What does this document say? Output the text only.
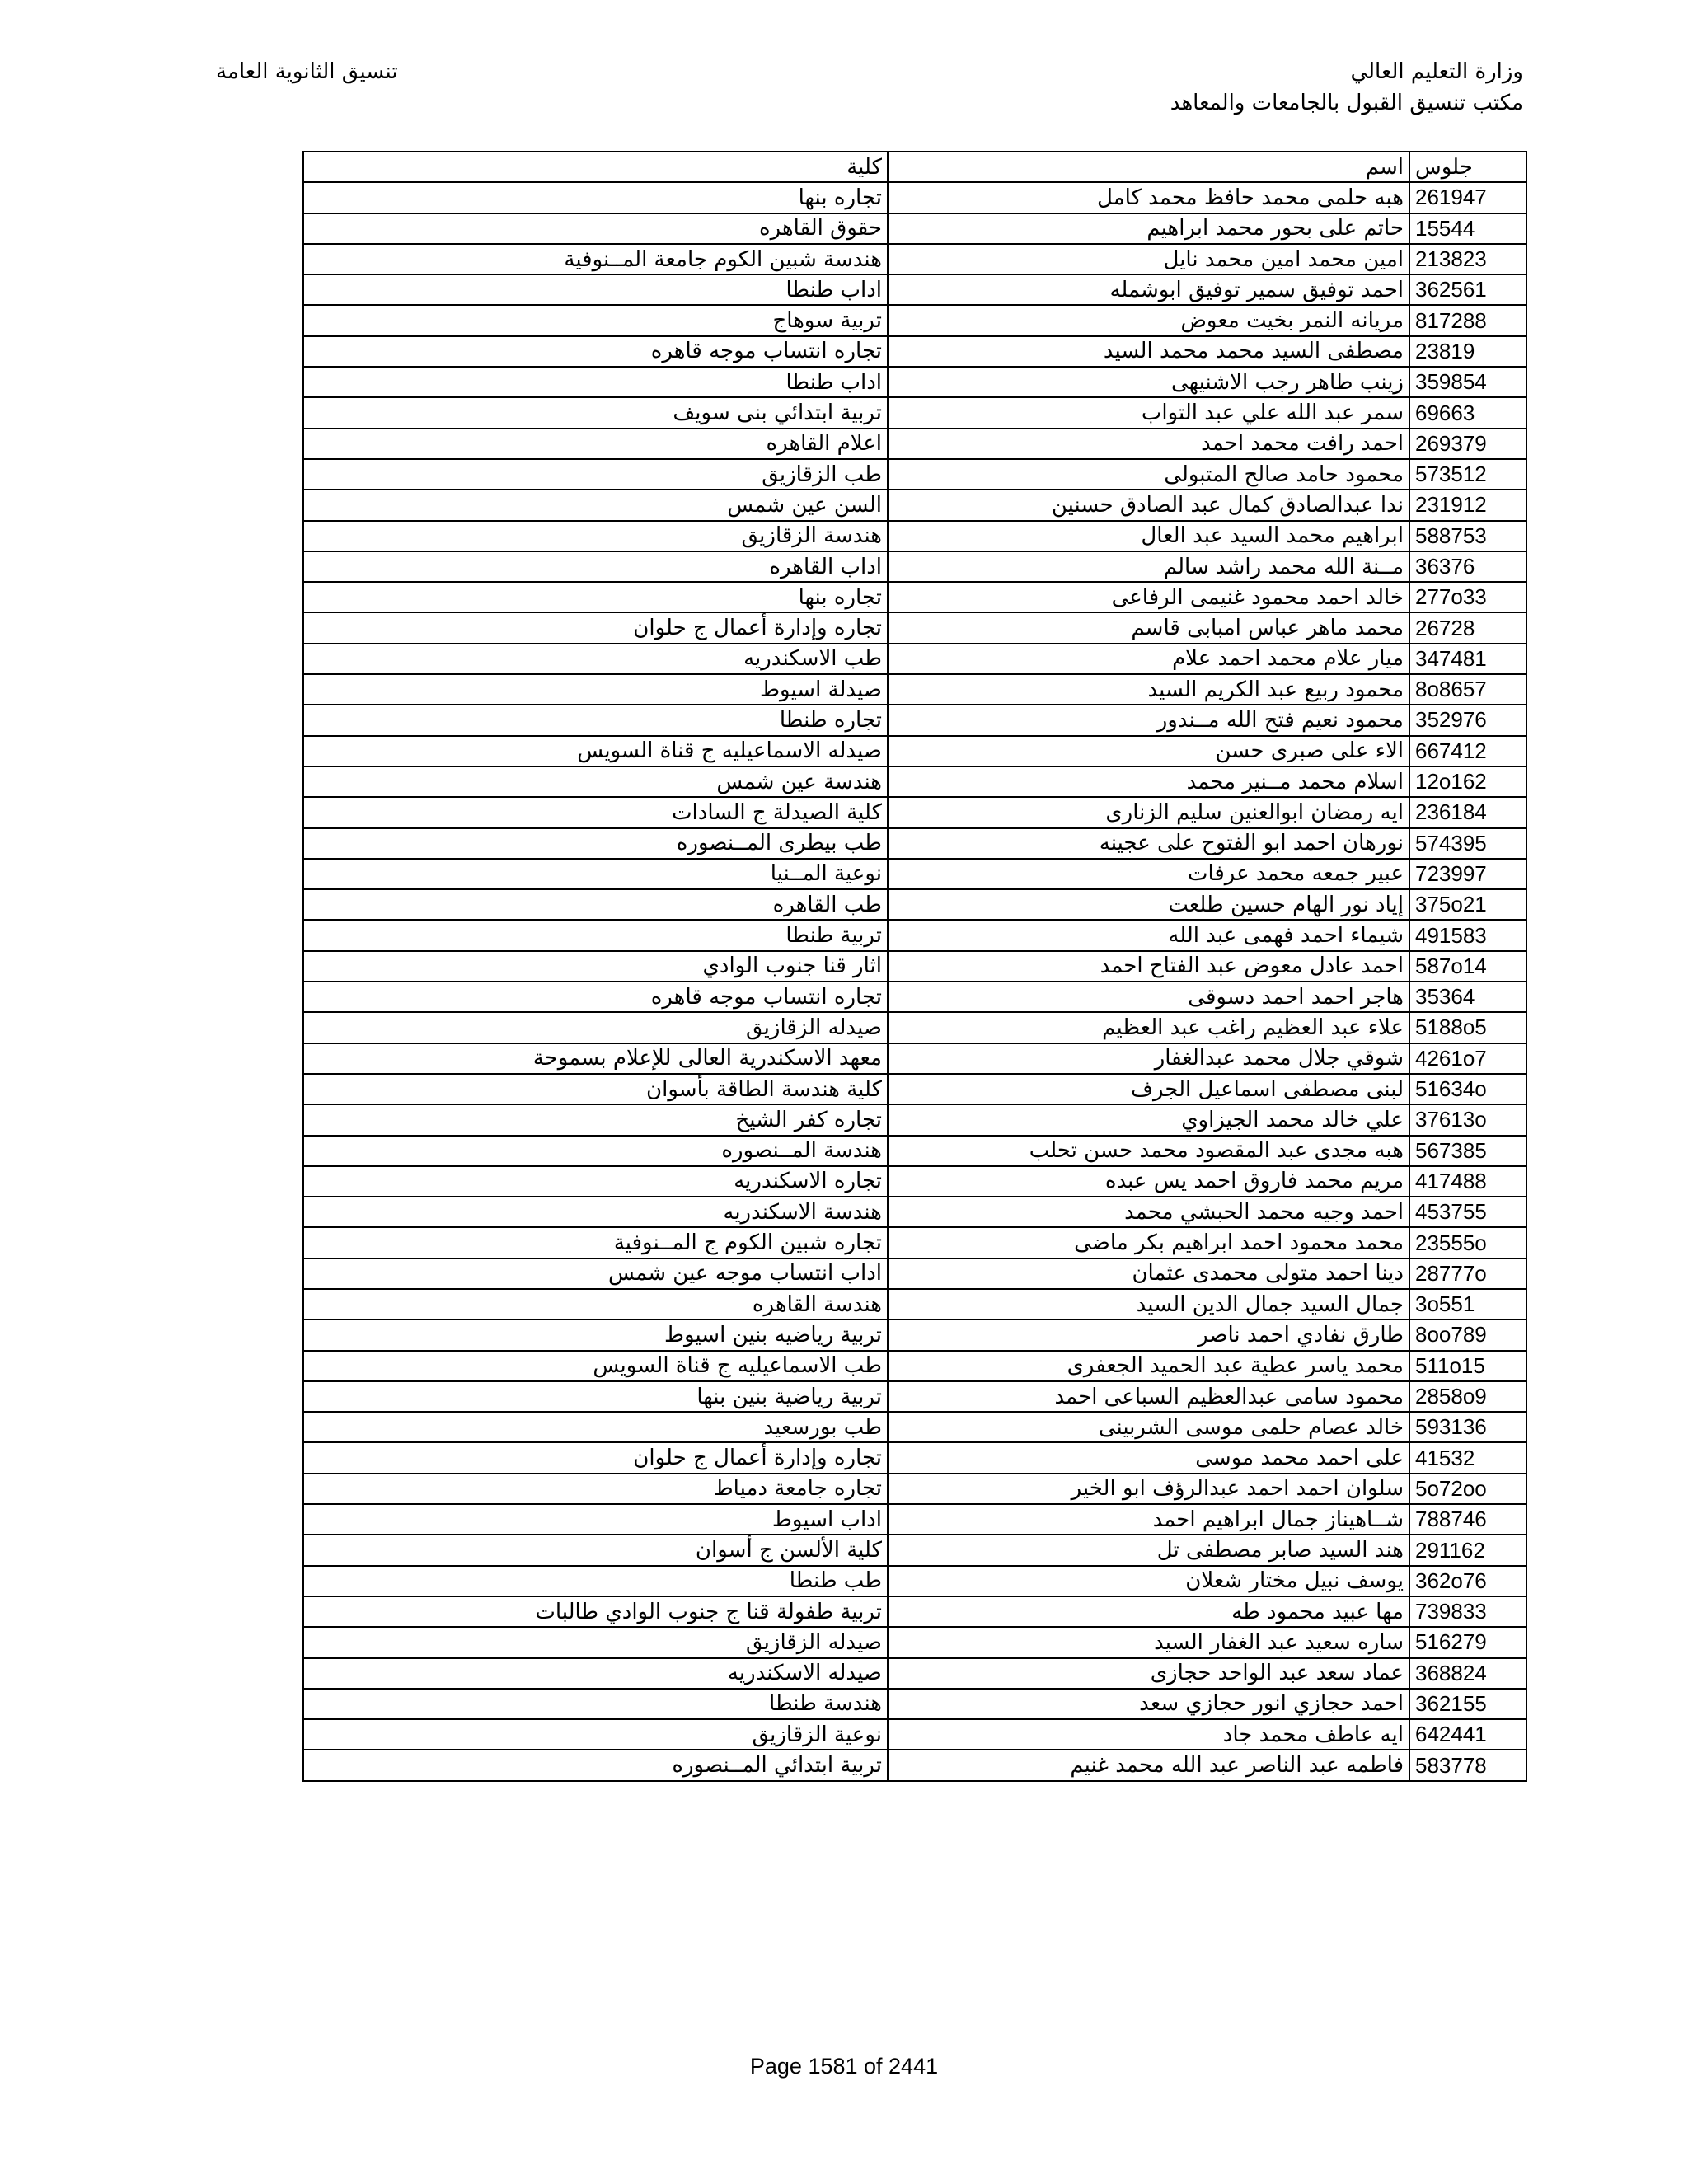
وزارة التعليم العالي
مكتب تنسيق القبول بالجامعات والمعاهد
تنسيق الثانوية العامة
جلوس	اسم	كلية
261947	هبه حلمى محمد حافظ محمد كامل	تجاره بنها
15544	حاتم على بحور محمد ابراهيم	حقوق القاهره
213823	امين محمد امين محمد نايل	هندسة شبين الكوم جامعة المــنوفية
362561	احمد توفيق سمير توفيق ابوشمله	اداب طنطا
817288	مريانه النمر بخيت معوض	تربية سوهاج
23819	مصطفى السيد محمد محمد السيد	تجاره انتساب موجه قاهره
359854	زينب طاهر رجب الاشنيهى	اداب طنطا
69663	سمر عبد الله علي عبد التواب	تربية ابتدائي بنى سويف
269379	احمد رافت محمد احمد	اعلام القاهره
573512	محمود حامد صالح المتبولى	طب الزقازيق
231912	ندا عبدالصادق كمال عبد الصادق حسنين	السن عين شمس
588753	ابراهيم محمد السيد عبد العال	هندسة الزقازيق
36376	مــنة الله محمد راشد سالم	اداب القاهره
277o33	خالد احمد محمود غنيمى الرفاعى	تجاره بنها
26728	محمد ماهر عباس امبابى قاسم	تجاره وإدارة أعمال ج حلوان
347481	ميار علام محمد احمد علام	طب الاسكندريه
8o8657	محمود ربيع عبد الكريم السيد	صيدلة اسيوط
352976	محمود نعيم فتح الله مــندور	تجاره طنطا
667412	الاء على صبرى حسن	صيدله الاسماعيليه ج قناة السويس
12o162	اسلام محمد مــنير محمد	هندسة عين شمس
236184	ايه رمضان ابوالعنين سليم الزنارى	كلية الصيدلة ج السادات
574395	نورهان احمد ابو الفتوح على عجينه	طب بيطرى المــنصوره
723997	عبير جمعه محمد عرفات	نوعية المــنيا
375o21	إياد نور الهام حسين طلعت	طب القاهره
491583	شيماء احمد فهمى عبد الله	تربية طنطا
587o14	احمد عادل معوض عبد الفتاح احمد	اثار قنا جنوب الوادي
35364	هاجر احمد احمد دسوقى	تجاره انتساب موجه قاهره
5188o5	علاء عبد العظيم راغب عبد العظيم	صيدله الزقازيق
4261o7	شوقي جلال محمد عبدالغفار	معهد الاسكندرية العالى للإعلام بسموحة
51634o	لبنى مصطفى اسماعيل الجرف	كلية هندسة الطاقة بأسوان
37613o	علي خالد محمد الجيزاوي	تجاره كفر الشيخ
567385	هبه مجدى عبد المقصود محمد حسن تحلب	هندسة المــنصوره
417488	مريم محمد فاروق احمد يس عبده	تجاره الاسكندريه
453755	احمد وجيه محمد الحبشي محمد	هندسة الاسكندريه
23555o	محمد محمود احمد ابراهيم بكر ماضى	تجاره شبين الكوم ج المــنوفية
28777o	دينا احمد متولى محمدى عثمان	اداب انتساب موجه عين شمس
3o551	جمال السيد جمال الدين السيد	هندسة القاهره
8oo789	طارق نفادي احمد ناصر	تربية رياضيه بنين اسيوط
511o15	محمد ياسر عطية عبد الحميد الجعفرى	طب الاسماعيليه ج قناة السويس
2858o9	محمود سامى عبدالعظيم السباعى احمد	تربية رياضية بنين بنها
593136	خالد عصام حلمى موسى الشربينى	طب بورسعيد
41532	على احمد محمد موسى	تجاره وإدارة أعمال ج حلوان
5o72oo	سلوان احمد احمد عبدالرؤف ابو الخير	تجاره جامعة دمياط
788746	شــاهيناز جمال ابراهيم احمد	اداب اسيوط
291162	هند السيد صابر مصطفى تل	كلية الألسن ج أسوان
362o76	يوسف نبيل مختار شعلان	طب طنطا
739833	مها عبيد محمود طه	تربية طفولة قنا ج جنوب الوادي طالبات
516279	ساره سعيد عبد الغفار السيد	صيدله الزقازيق
368824	عماد سعد عبد الواحد حجازى	صيدله الاسكندريه
362155	احمد حجازي انور حجازي سعد	هندسة طنطا
642441	ايه عاطف محمد جاد	نوعية الزقازيق
583778	فاطمه عبد الناصر عبد الله محمد غنيم	تربية ابتدائي المــنصوره
Page 1581 of 2441
